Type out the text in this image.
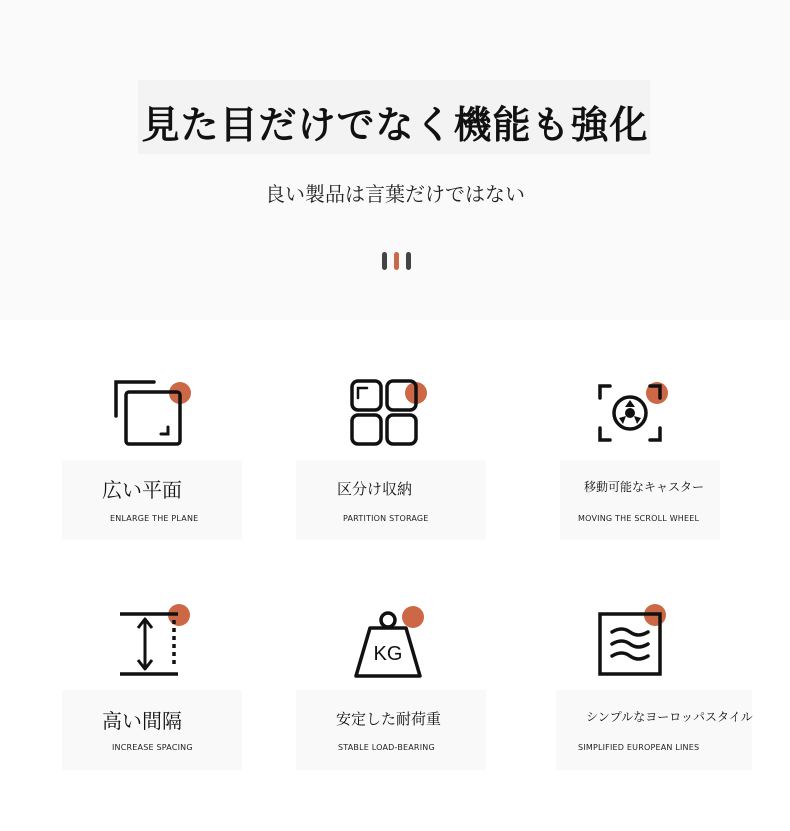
見た目だけでなく機能も強化
良い製品は言葉だけではない
広い平面
ENLARGE THE PLANE
区分け収納
PARTITION STORAGE
移動可能なキャスター
MOVING THE SCROLL WHEEL
高い間隔
INCREASE SPACING
KG
安定した耐荷重
STABLE LOAD-BEARING
シンプルなヨーロッパスタイル
SIMPLIFIED EUROPEAN LINES
